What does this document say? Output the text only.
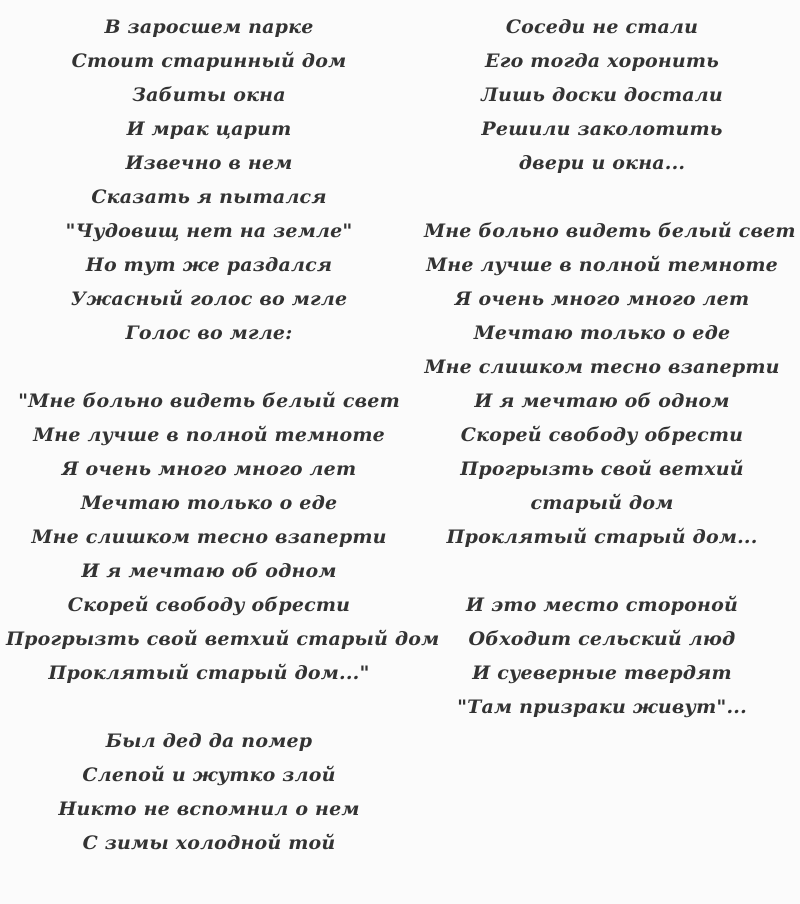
В заросшем парке
Стоит старинный дом
Забиты окна
И мрак царит
Извечно в нем
Сказать я пытался
"Чудовищ нет на земле"
Но тут же раздался
Ужасный голос во мгле
Голос во мгле:
"Мне больно видеть белый свет
Мне лучше в полной темноте
Я очень много много лет
Мечтаю только о еде
Мне слишком тесно взаперти
И я мечтаю об одном
Скорей свободу обрести
Прогрызть свой ветхий старый дом
Проклятый старый дом..."
Был дед да помер
Слепой и жутко злой
Никто не вспомнил о нем
С зимы холодной той
Соседи не стали
Его тогда хоронить
Лишь доски достали
Решили заколотить
двери и окна...
Мне больно видеть белый свет
Мне лучше в полной темноте
Я очень много много лет
Мечтаю только о еде
Мне слишком тесно взаперти
И я мечтаю об одном
Скорей свободу обрести
Прогрызть свой ветхий старый дом
Проклятый старый дом...
И это место стороной
Обходит сельский люд
И суеверные твердят
"Там призраки живут"...
